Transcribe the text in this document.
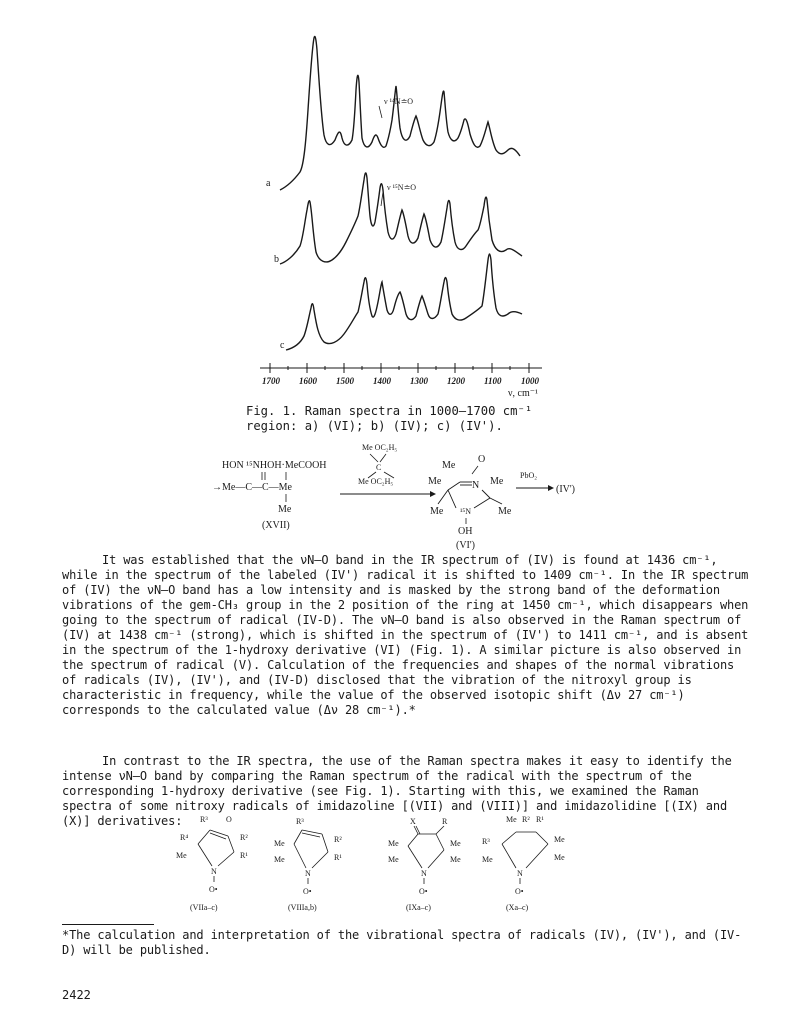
ν ¹⁴N≐O
a	ν ¹⁵N≐O
b
c
1700 1600 1500 1400 1300 1200 1100 1000
ν, cm⁻¹
Fig. 1. Raman spectra in 1000–1700 cm⁻¹
region: a) (VI); b) (IV); c) (IV').
HON ¹⁵NHOH·MeCOOH
→Me—C—C—Me
Me
(XVII)
Me OC₂H₅
C
Me OC₂H₅
Me
O
Me	Me
N
Me ¹⁵N	Me
OH
(VI')
PbO₂
(IV')
It was established that the νN–O band in the IR spectrum of (IV) is found at 1436 cm⁻¹, while in the spectrum of the labeled (IV') radical it is shifted to 1409 cm⁻¹. In the IR spectrum of (IV) the νN–O band has a low intensity and is masked by the strong band of the deformation vibrations of the gem-CH₃ group in the 2 position of the ring at 1450 cm⁻¹, which disappears when going to the spectrum of radical (IV-D). The νN–O band is also observed in the Raman spectrum of (IV) at 1438 cm⁻¹ (strong), which is shifted in the spectrum of (IV') to 1411 cm⁻¹, and is absent in the spectrum of the 1-hydroxy derivative (VI) (Fig. 1). A similar picture is also observed in the spectrum of radical (V). Calculation of the frequencies and shapes of the normal vibrations of radicals (IV), (IV'), and (IV-D) disclosed that the vibration of the nitroxyl group is characteristic in frequency, while the value of the observed isotopic shift (Δν 27 cm⁻¹) corresponds to the calculated value (Δν 28 cm⁻¹).*
In contrast to the IR spectra, the use of the Raman spectra makes it easy to identify the intense νN–O band by comparing the Raman spectrum of the radical with the spectrum of the corresponding 1-hydroxy derivative (see Fig. 1). Starting with this, we examined the Raman spectra of some nitroxy radicals of imidazoline [(VII) and (VIII)] and imidazolidine [(IX) and (X)] derivatives:	R³ O
R⁴	R²
Me	R¹
N
O•
(VIIa–c)
R³
Me	R²
Me	R¹
N
O•
(VIIIa,b)
X	R
Me	Me
Me	Me
N
O•
(IXa–c)
Me R² R¹
R³	Me
Me	Me
N
O•
(Xa–c)
*The calculation and interpretation of the vibrational spectra of radicals (IV), (IV'), and (IV-D) will be published.
2422
